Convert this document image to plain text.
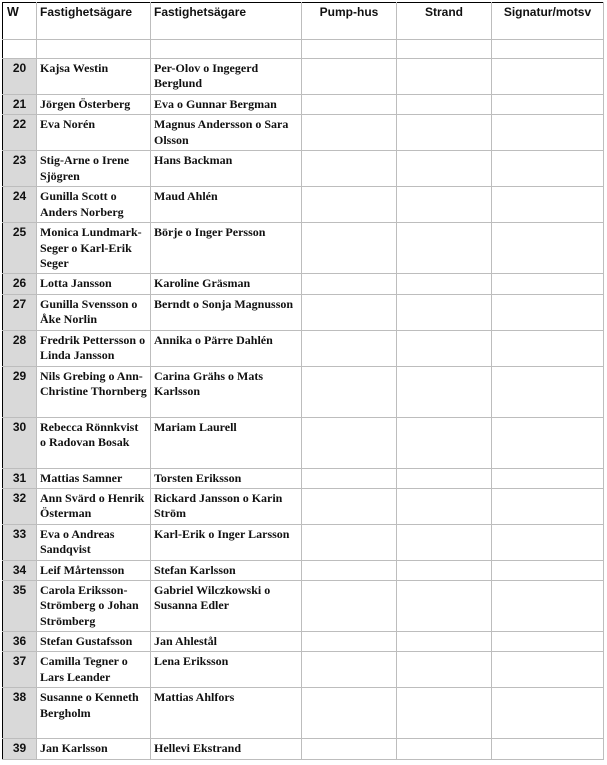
W	Fastighetsägare	Fastighetsägare	Pump-hus	Strand	Signatur/motsv

20	Kajsa Westin	Per-Olov o Ingegerd Berglund			
21	Jörgen Österberg	Eva o Gunnar Bergman			
22	Eva Norén	Magnus Andersson o Sara Olsson			
23	Stig-Arne o Irene Sjögren	Hans Backman			
24	Gunilla Scott o Anders Norberg	Maud Ahlén			
25	Monica Lundmark-Seger o Karl-Erik Seger	Börje o Inger Persson			
26	Lotta Jansson	Karoline Gräsman			
27	Gunilla Svensson o Åke Norlin	Berndt o Sonja Magnusson			
28	Fredrik Pettersson o Linda Jansson	Annika o Pärre Dahlén			
29	Nils Grebing o Ann-Christine Thornberg	Carina Grähs o Mats Karlsson			
30	Rebecca Rönnkvist o Radovan Bosak	Mariam Laurell			
31	Mattias Samner	Torsten Eriksson			
32	Ann Svärd o Henrik Österman	Rickard Jansson o Karin Ström			
33	Eva o Andreas Sandqvist	Karl-Erik o Inger Larsson			
34	Leif Mårtensson	Stefan Karlsson			
35	Carola Eriksson-Strömberg o Johan Strömberg	Gabriel Wilczkowski o Susanna Edler			
36	Stefan Gustafsson	Jan Ahlestål			
37	Camilla Tegner o Lars Leander	Lena Eriksson			
38	Susanne o Kenneth Bergholm	Mattias Ahlfors			
39	Jan Karlsson	Hellevi Ekstrand			
